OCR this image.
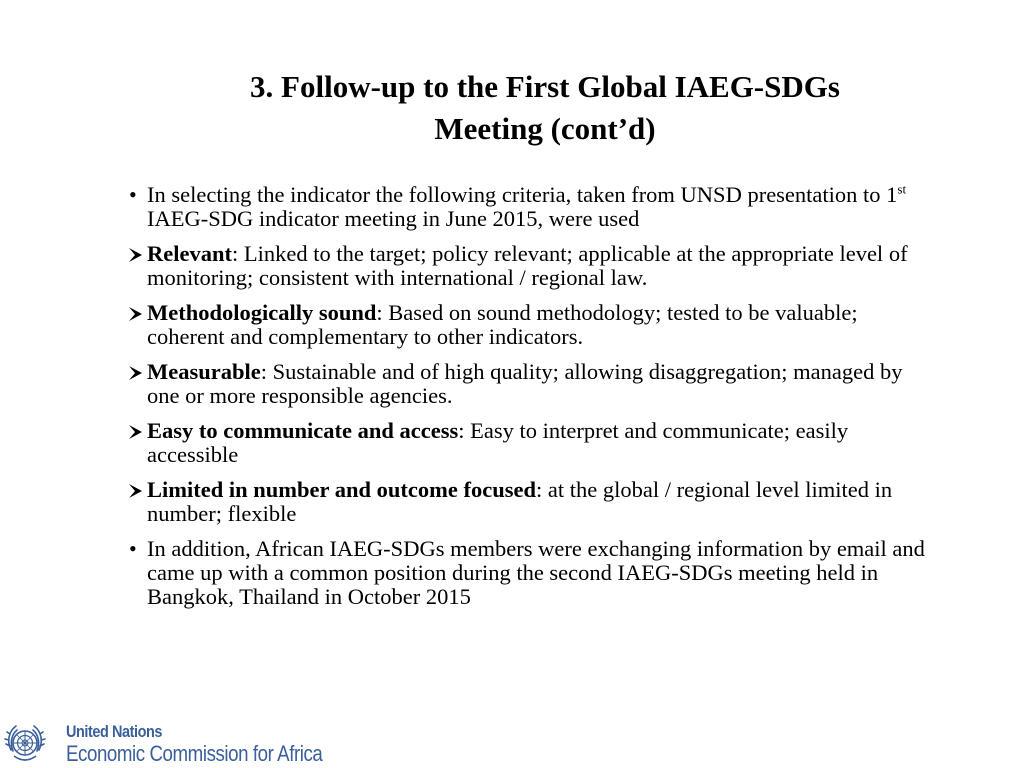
3. Follow-up to the First Global IAEG-SDGs
Meeting (cont’d)
• In selecting the indicator the following criteria, taken from UNSD presentation to 1st IAEG-SDG indicator meeting in June 2015, were used
Relevant: Linked to the target; policy relevant; applicable at the appropriate level of monitoring; consistent with international / regional law.
Methodologically sound: Based on sound methodology; tested to be valuable; coherent and complementary to other indicators.
Measurable: Sustainable and of high quality; allowing disaggregation; managed by one or more responsible agencies.
Easy to communicate and access: Easy to interpret and communicate; easily accessible
Limited in number and outcome focused: at the global / regional level limited in number; flexible
• In addition, African IAEG-SDGs members were exchanging information by email and came up with a common position during the second IAEG-SDGs meeting held in Bangkok, Thailand in October 2015
United Nations
Economic Commission for Africa
